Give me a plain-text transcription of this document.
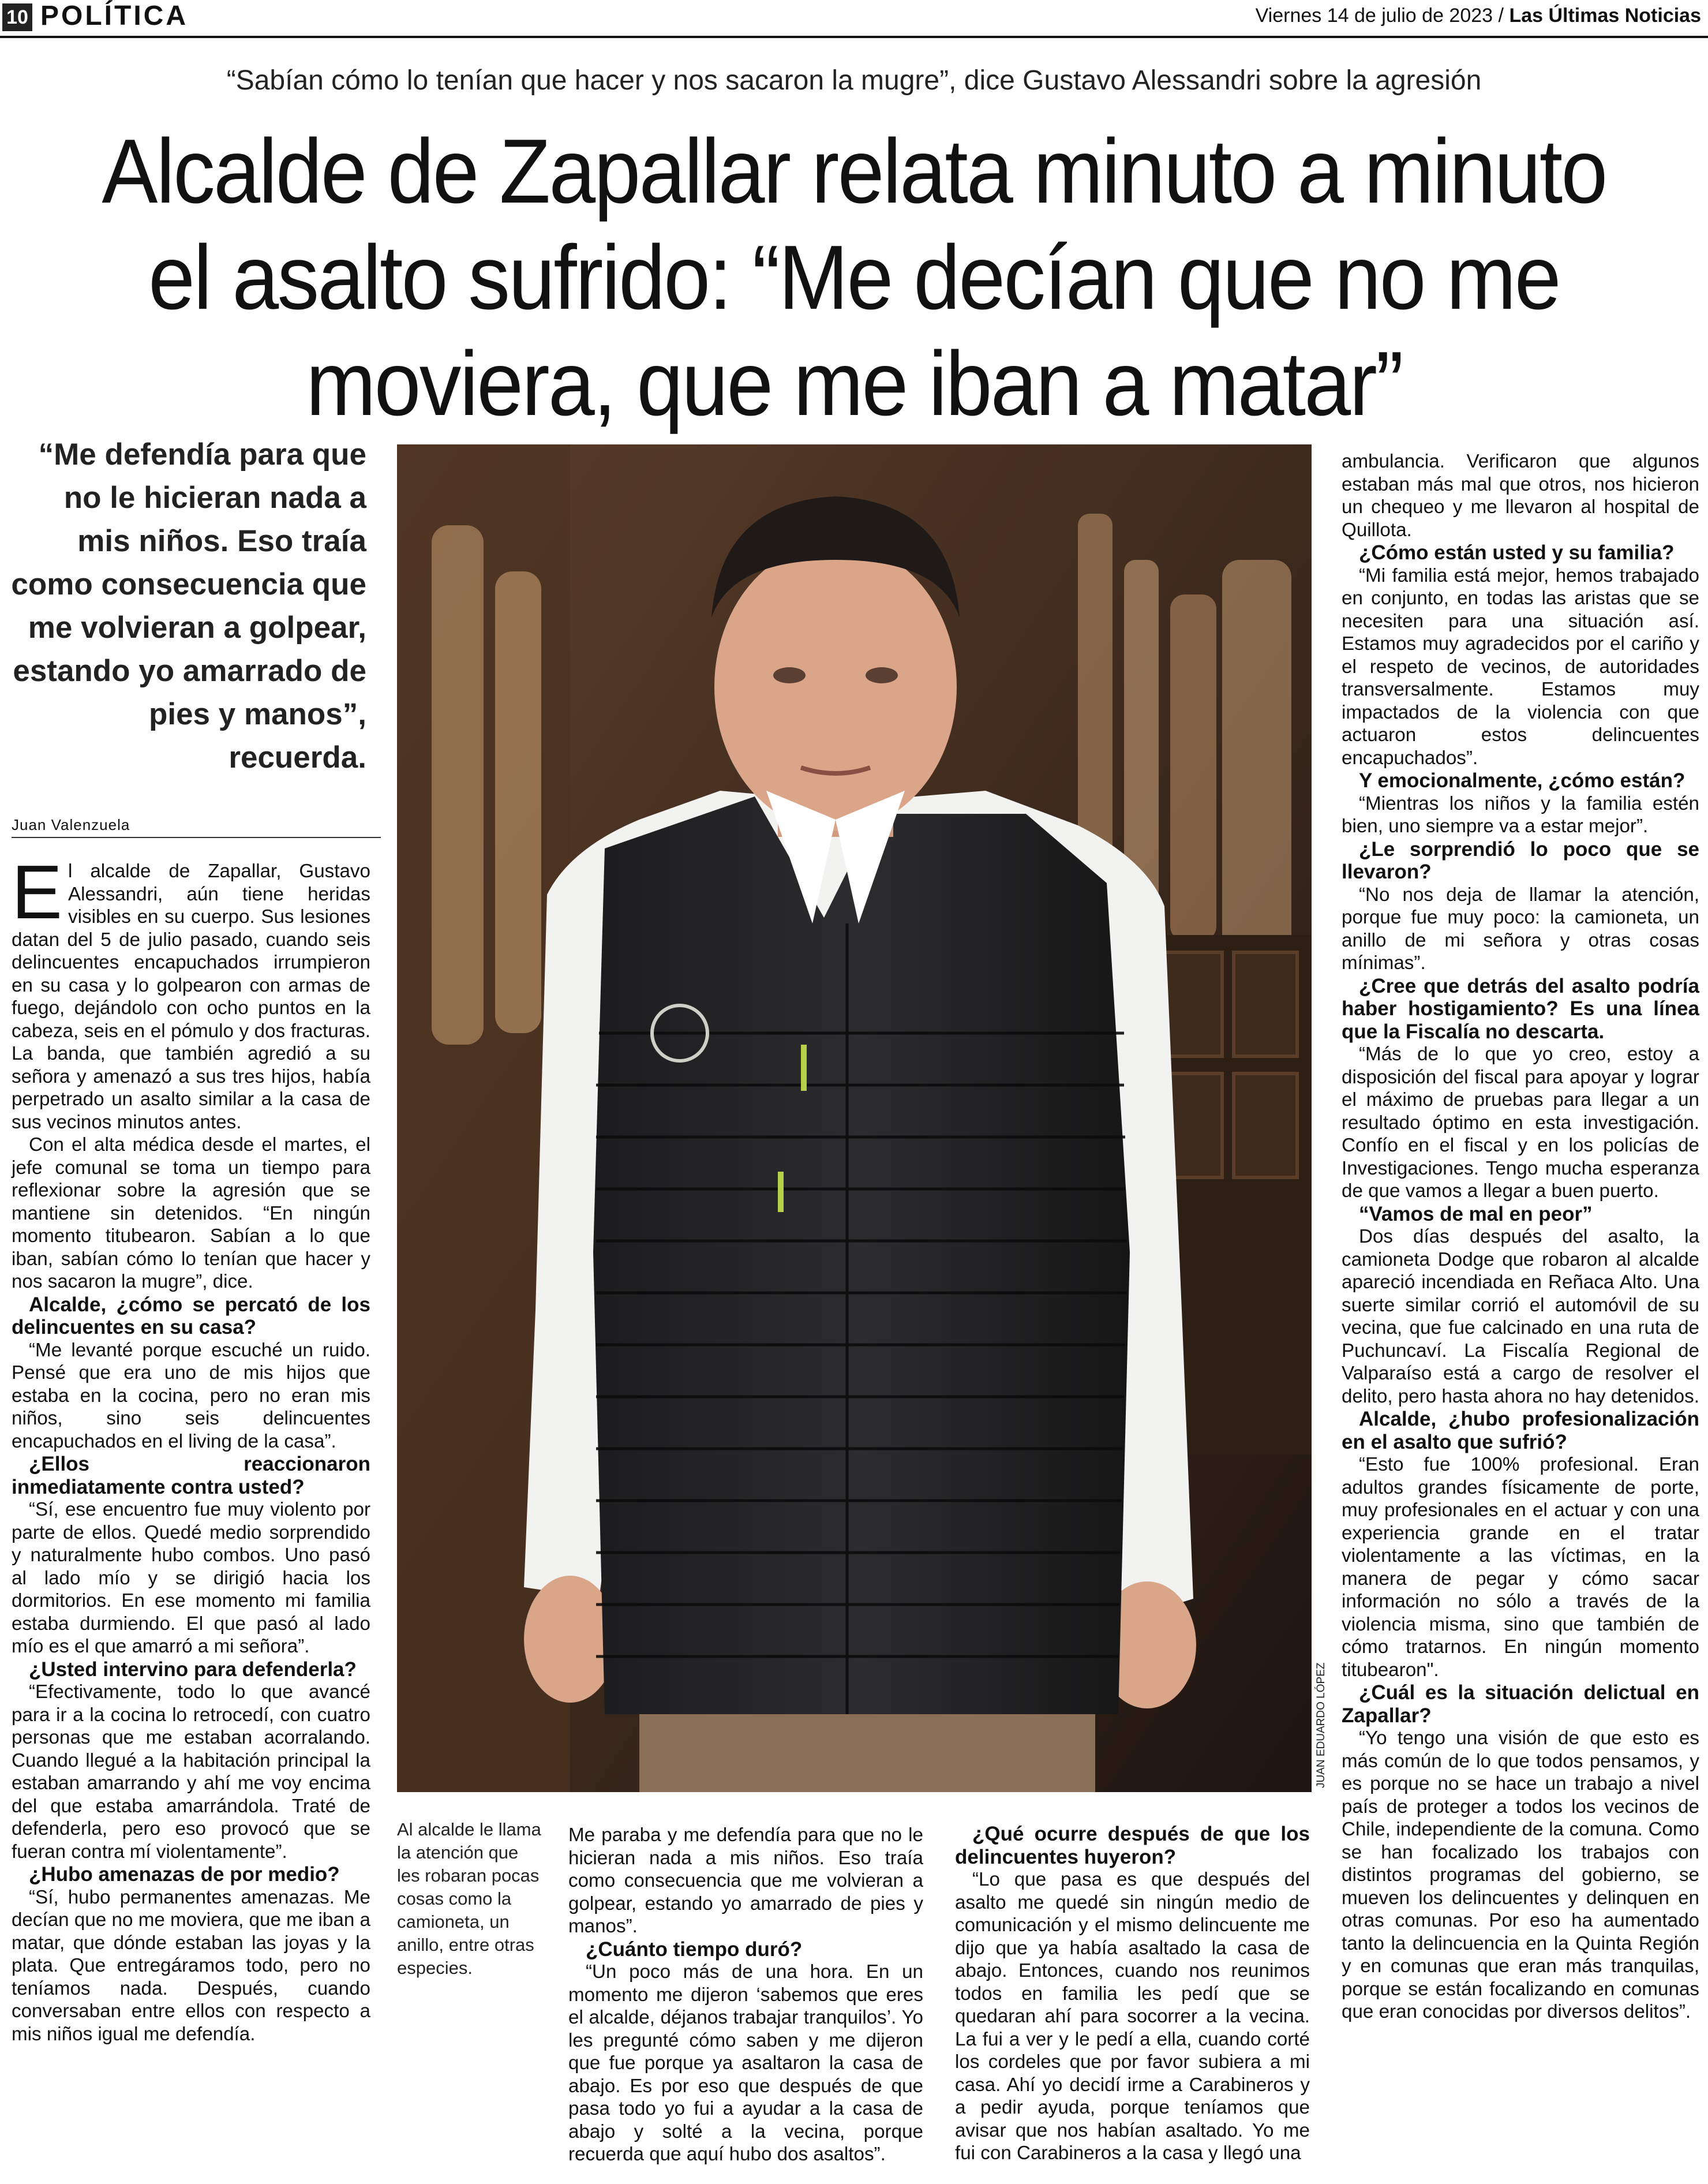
10 POLÍTICA	Viernes 14 de julio de 2023 / Las Últimas Noticias
“Sabían cómo lo tenían que hacer y nos sacaron la mugre”, dice Gustavo Alessandri sobre la agresión
Alcalde de Zapallar relata minuto a minuto
el asalto sufrido: “Me decían que no me
moviera, que me iban a matar”
“Me defendía para que no le hicieran nada a mis niños. Eso traía como consecuencia que me volvieran a golpear, estando yo amarrado de pies y manos”, recuerda.
Juan Valenzuela

El alcalde de Zapallar, Gustavo Alessandri, aún tiene heridas visibles en su cuerpo. Sus lesiones datan del 5 de julio pasado, cuando seis delincuentes encapuchados irrumpieron en su casa y lo golpearon con armas de fuego, dejándolo con ocho puntos en la cabeza, seis en el pómulo y dos fracturas. La banda, que también agredió a su señora y amenazó a sus tres hijos, había perpetrado un asalto similar a la casa de sus vecinos minutos antes.

Con el alta médica desde el martes, el jefe comunal se toma un tiempo para reflexionar sobre la agresión que se mantiene sin detenidos. “En ningún momento titubearon. Sabían a lo que iban, sabían cómo lo tenían que hacer y nos sacaron la mugre”, dice.

Alcalde, ¿cómo se percató de los delincuentes en su casa?

“Me levanté porque escuché un ruido. Pensé que era uno de mis hijos que estaba en la cocina, pero no eran mis niños, sino seis delincuentes encapuchados en el living de la casa”.

¿Ellos reaccionaron inmediatamente contra usted?

“Sí, ese encuentro fue muy violento por parte de ellos. Quedé medio sorprendido y naturalmente hubo combos. Uno pasó al lado mío y se dirigió hacia los dormitorios. En ese momento mi familia estaba durmiendo. El que pasó al lado mío es el que amarró a mi señora”.

¿Usted intervino para defenderla?

“Efectivamente, todo lo que avancé para ir a la cocina lo retrocedí, con cuatro personas que me estaban acorralando. Cuando llegué a la habitación principal la estaban amarrando y ahí me voy encima del que estaba amarrándola. Traté de defenderla, pero eso provocó que se fueran contra mí violentamente”.

¿Hubo amenazas de por medio?

“Sí, hubo permanentes amenazas. Me decían que no me moviera, que me iban a matar, que dónde estaban las joyas y la plata. Que entregáramos todo, pero no teníamos nada. Después, cuando conversaban entre ellos con respecto a mis niños igual me defendía.

JUAN EDUARDO LÓPEZ
Al alcalde le llama la atención que les robaran pocas cosas como la camioneta, un anillo, entre otras especies.

Me paraba y me defendía para que no le hicieran nada a mis niños. Eso traía como consecuencia que me volvieran a golpear, estando yo amarrado de pies y manos”.

¿Cuánto tiempo duró?

“Un poco más de una hora. En un momento me dijeron ‘sabemos que eres el alcalde, déjanos trabajar tranquilos’. Yo les pregunté cómo saben y me dijeron que fue porque ya asaltaron la casa de abajo. Es por eso que después de que pasa todo yo fui a ayudar a la casa de abajo y solté a la vecina, porque recuerda que aquí hubo dos asaltos”.

¿Qué ocurre después de que los delincuentes huyeron?

“Lo que pasa es que después del asalto me quedé sin ningún medio de comunicación y el mismo delincuente me dijo que ya había asaltado la casa de abajo. Entonces, cuando nos reunimos todos en familia les pedí que se quedaran ahí para socorrer a la vecina. La fui a ver y le pedí a ella, cuando corté los cordeles que por favor subiera a mi casa. Ahí yo decidí irme a Carabineros y a pedir ayuda, porque teníamos que avisar que nos habían asaltado. Yo me fui con Carabineros a la casa y llegó una

ambulancia. Verificaron que algunos estaban más mal que otros, nos hicieron un chequeo y me llevaron al hospital de Quillota.

¿Cómo están usted y su familia?

“Mi familia está mejor, hemos trabajado en conjunto, en todas las aristas que se necesiten para una situación así. Estamos muy agradecidos por el cariño y el respeto de vecinos, de autoridades transversalmente. Estamos muy impactados de la violencia con que actuaron estos delincuentes encapuchados”.

Y emocionalmente, ¿cómo están?

“Mientras los niños y la familia estén bien, uno siempre va a estar mejor”.

¿Le sorprendió lo poco que se llevaron?

“No nos deja de llamar la atención, porque fue muy poco: la camioneta, un anillo de mi señora y otras cosas mínimas”.

¿Cree que detrás del asalto podría haber hostigamiento? Es una línea que la Fiscalía no descarta.

“Más de lo que yo creo, estoy a disposición del fiscal para apoyar y lograr el máximo de pruebas para llegar a un resultado óptimo en esta investigación. Confío en el fiscal y en los policías de Investigaciones. Tengo mucha esperanza de que vamos a llegar a buen puerto.

“Vamos de mal en peor”

Dos días después del asalto, la camioneta Dodge que robaron al alcalde apareció incendiada en Reñaca Alto. Una suerte similar corrió el automóvil de su vecina, que fue calcinado en una ruta de Puchuncaví. La Fiscalía Regional de Valparaíso está a cargo de resolver el delito, pero hasta ahora no hay detenidos.

Alcalde, ¿hubo profesionalización en el asalto que sufrió?

“Esto fue 100% profesional. Eran adultos grandes físicamente de porte, muy profesionales en el actuar y con una experiencia grande en el tratar violentamente a las víctimas, en la manera de pegar y cómo sacar información no sólo a través de la violencia misma, sino que también de cómo tratarnos. En ningún momento titubearon".

¿Cuál es la situación delictual en Zapallar?

“Yo tengo una visión de que esto es más común de lo que todos pensamos, y es porque no se hace un trabajo a nivel país de proteger a todos los vecinos de Chile, independiente de la comuna. Como se han focalizado los trabajos con distintos programas del gobierno, se mueven los delincuentes y delinquen en otras comunas. Por eso ha aumentado tanto la delincuencia en la Quinta Región y en comunas que eran más tranquilas, porque se están focalizando en comunas que eran conocidas por diversos delitos”.
